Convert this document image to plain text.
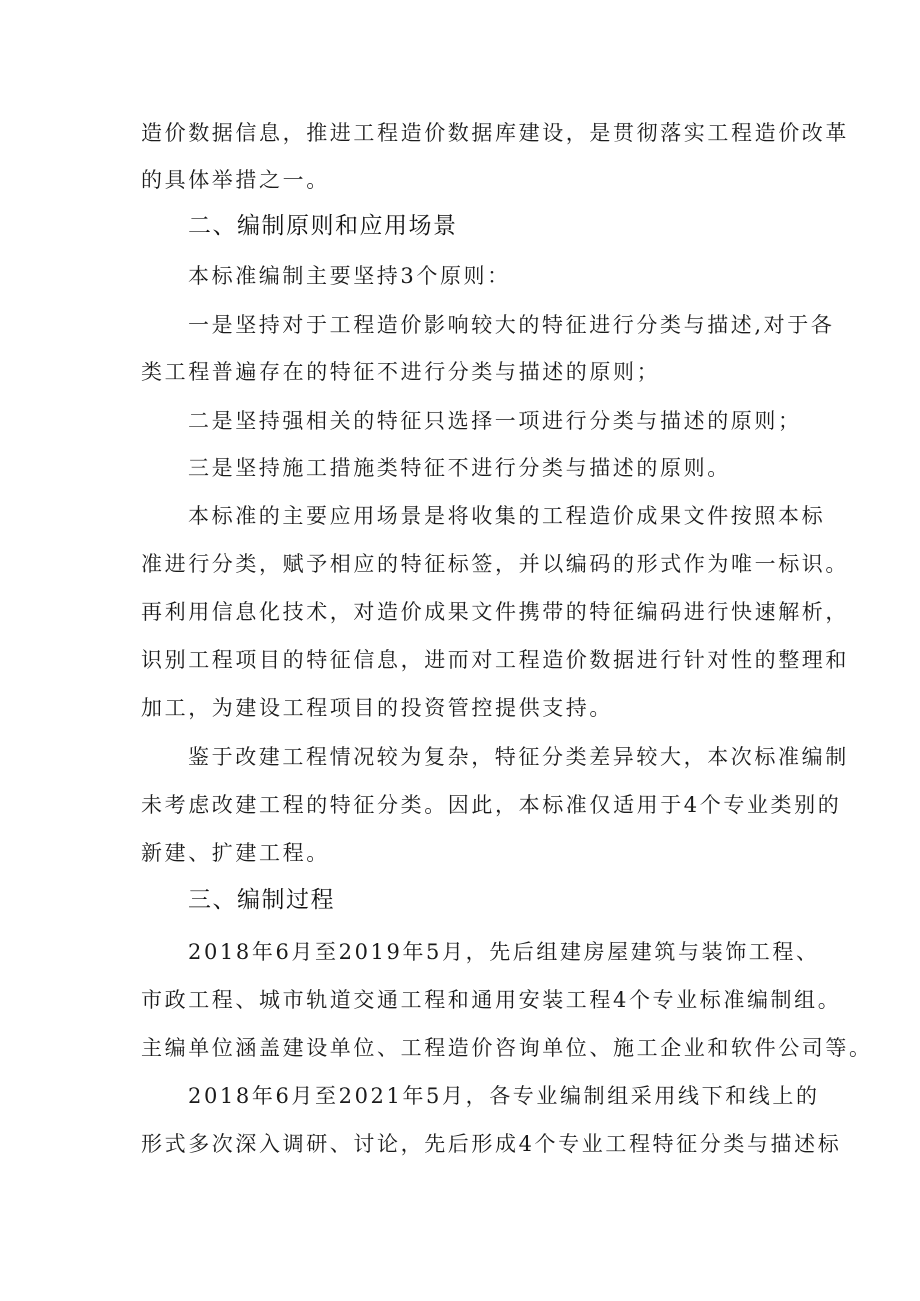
造价数据信息，推进工程造价数据库建设，是贯彻落实工程造价改革
的具体举措之一。
二、编制原则和应用场景
本标准编制主要坚持3个原则：
一是坚持对于工程造价影响较大的特征进行分类与描述,对于各
类工程普遍存在的特征不进行分类与描述的原则；
二是坚持强相关的特征只选择一项进行分类与描述的原则；
三是坚持施工措施类特征不进行分类与描述的原则。
本标准的主要应用场景是将收集的工程造价成果文件按照本标
准进行分类，赋予相应的特征标签，并以编码的形式作为唯一标识。
再利用信息化技术，对造价成果文件携带的特征编码进行快速解析，
识别工程项目的特征信息，进而对工程造价数据进行针对性的整理和
加工，为建设工程项目的投资管控提供支持。
鉴于改建工程情况较为复杂，特征分类差异较大，本次标准编制
未考虑改建工程的特征分类。因此，本标准仅适用于4个专业类别的
新建、扩建工程。
三、编制过程
2018年6月至2019年5月，先后组建房屋建筑与装饰工程、
市政工程、城市轨道交通工程和通用安装工程4个专业标准编制组。
主编单位涵盖建设单位、工程造价咨询单位、施工企业和软件公司等。
2018年6月至2021年5月，各专业编制组采用线下和线上的
形式多次深入调研、讨论，先后形成4个专业工程特征分类与描述标
